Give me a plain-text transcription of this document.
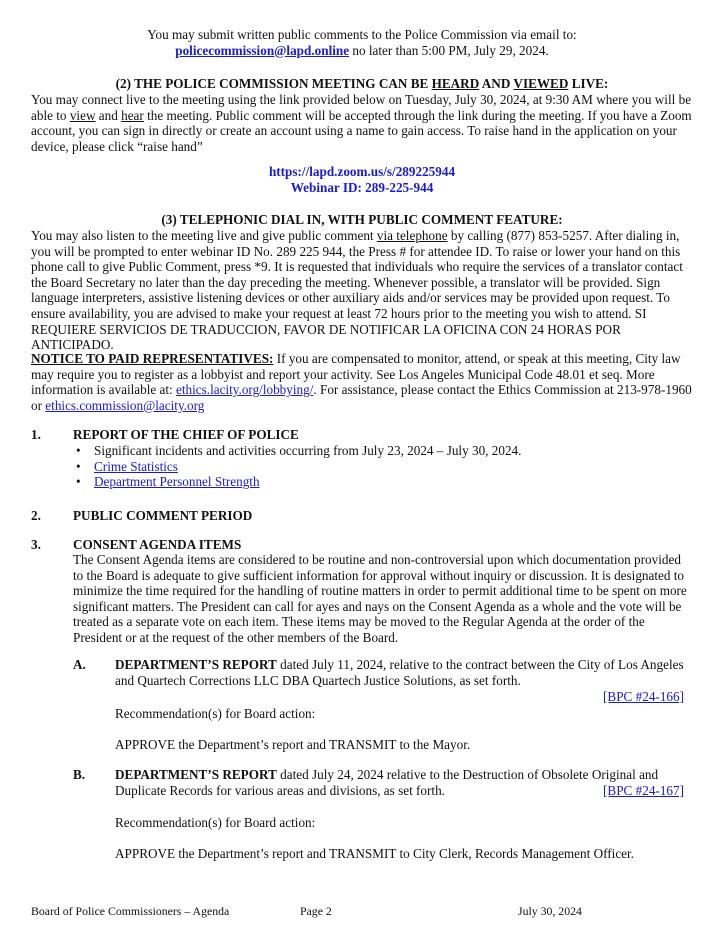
You may submit written public comments to the Police Commission via email to:
policecommission@lapd.online no later than 5:00 PM, July 29, 2024.

(2) THE POLICE COMMISSION MEETING CAN BE HEARD AND VIEWED LIVE:

You may connect live to the meeting using the link provided below on Tuesday, July 30, 2024, at 9:30 AM where you will be able to view and hear the meeting. Public comment will be accepted through the link during the meeting. If you have a Zoom account, you can sign in directly or create an account using a name to gain access. To raise hand in the application on your device, please click “raise hand”

https://lapd.zoom.us/s/289225944
Webinar ID: 289-225-944

(3) TELEPHONIC DIAL IN, WITH PUBLIC COMMENT FEATURE:

You may also listen to the meeting live and give public comment via telephone by calling (877) 853-5257. After dialing in, you will be prompted to enter webinar ID No. 289 225 944, the Press # for attendee ID. To raise or lower your hand on this phone call to give Public Comment, press *9. It is requested that individuals who require the services of a translator contact the Board Secretary no later than the day preceding the meeting. Whenever possible, a translator will be provided. Sign language interpreters, assistive listening devices or other auxiliary aids and/or services may be provided upon request. To ensure availability, you are advised to make your request at least 72 hours prior to the meeting you wish to attend. SI REQUIERE SERVICIOS DE TRADUCCION, FAVOR DE NOTIFICAR LA OFICINA CON 24 HORAS POR ANTICIPADO.

NOTICE TO PAID REPRESENTATIVES: If you are compensated to monitor, attend, or speak at this meeting, City law may require you to register as a lobbyist and report your activity. See Los Angeles Municipal Code 48.01 et seq. More information is available at: ethics.lacity.org/lobbying/. For assistance, please contact the Ethics Commission at 213-978-1960 or ethics.commission@lacity.org

1. REPORT OF THE CHIEF OF POLICE
• Significant incidents and activities occurring from July 23, 2024 – July 30, 2024.
• Crime Statistics
• Department Personnel Strength
2. PUBLIC COMMENT PERIOD
3. CONSENT AGENDA ITEMS

The Consent Agenda items are considered to be routine and non-controversial upon which documentation provided to the Board is adequate to give sufficient information for approval without inquiry or discussion. It is designated to minimize the time required for the handling of routine matters in order to permit additional time to be spent on more significant matters. The President can call for ayes and nays on the Consent Agenda as a whole and the vote will be treated as a separate vote on each item. These items may be moved to the Regular Agenda at the order of the President or at the request of the other members of the Board.

A. DEPARTMENT’S REPORT dated July 11, 2024, relative to the contract between the City of Los Angeles and Quartech Corrections LLC DBA Quartech Justice Solutions, as set forth.

[BPC #24-166]
Recommendation(s) for Board action:
APPROVE the Department’s report and TRANSMIT to the Mayor.
B. DEPARTMENT’S REPORT dated July 24, 2024 relative to the Destruction of Obsolete Original and
Duplicate Records for various areas and divisions, as set forth.	[BPC #24-167]
Recommendation(s) for Board action:
APPROVE the Department’s report and TRANSMIT to City Clerk, Records Management Officer.
Board of Police Commissioners – Agenda	Page 2	July 30, 2024
